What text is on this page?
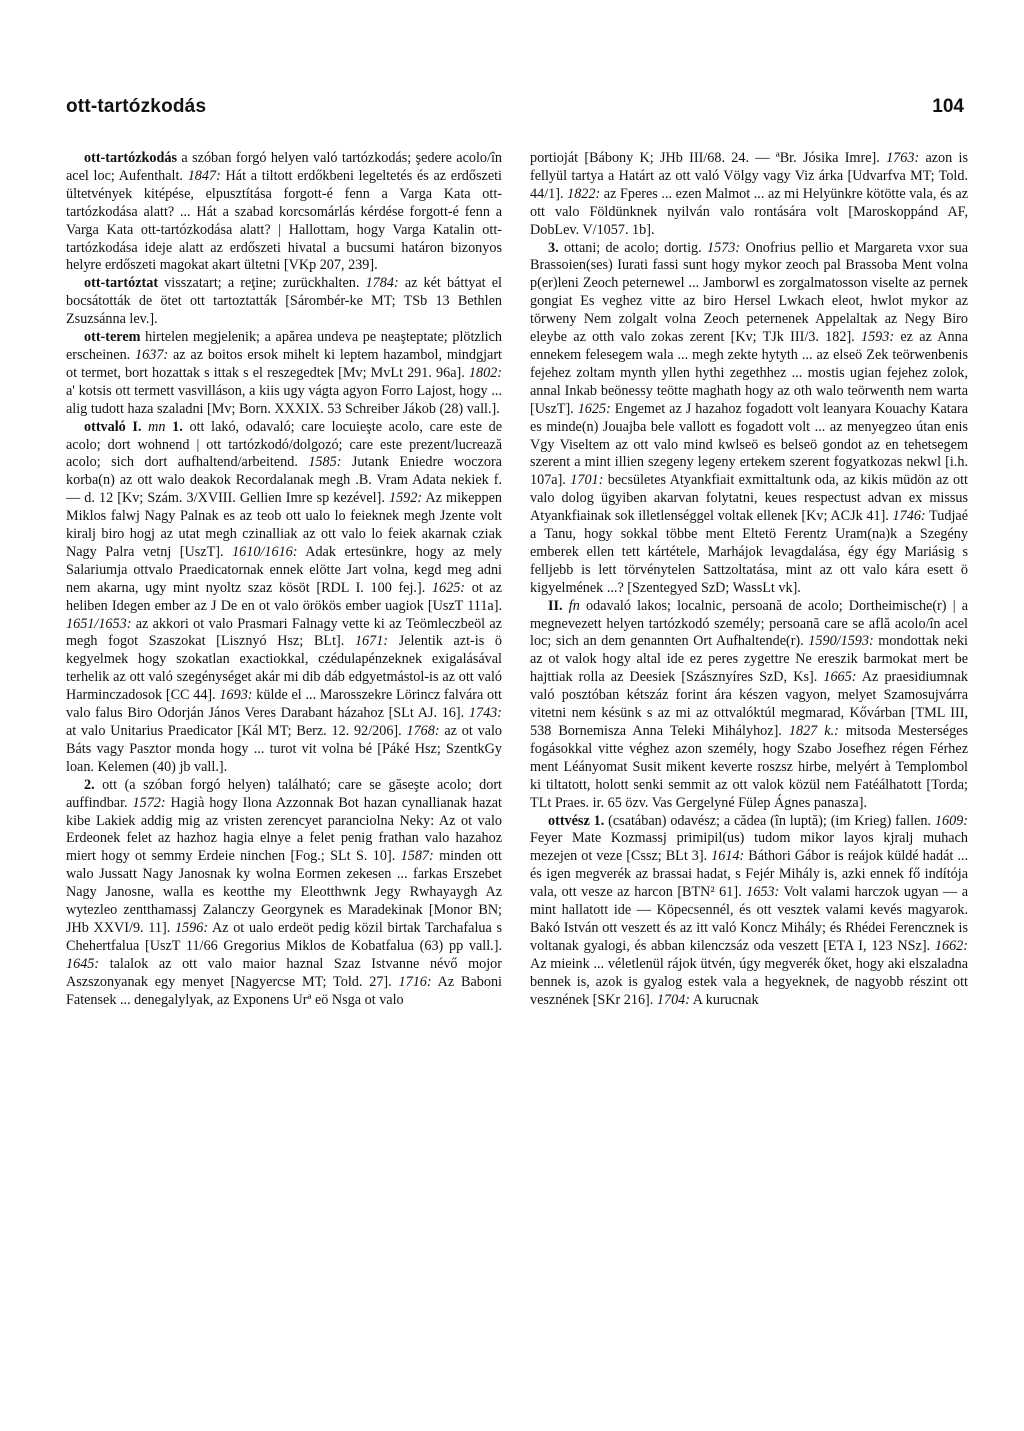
ott-tartózkodás	104

ott-tartózkodás a szóban forgó helyen való tartózkodás; şedere acolo/în acel loc; Aufenthalt. 1847: Hát a tiltott erdőkbeni legeltetés és az erdőszeti ültetvények kitépése, elpusztítása forgott-é fenn a Varga Kata ott-tartózkodása alatt? ... Hát a szabad korcsomárlás kérdése forgott-é fenn a Varga Kata ott-tartózkodása alatt? | Hallottam, hogy Varga Katalin ott-tartózkodása ideje alatt az erdőszeti hivatal a bucsumi határon bizonyos helyre erdőszeti magokat akart ültetni [VKp 207, 239].

ott-tartóztat visszatart; a reţine; zurückhalten. 1784: az két báttyat el bocsátották de ötet ott tartoztatták [Sárombér-ke MT; TSb 13 Bethlen Zsuzsánna lev.].

ott-terem hirtelen megjelenik; a apărea undeva pe neaşteptate; plötzlich erscheinen. 1637: az az boitos ersok mihelt ki leptem hazambol, mindgjart ot termet, bort hozattak s ittak s el reszegedtek [Mv; MvLt 291. 96a]. 1802: a' kotsis ott termett vasvilláson, a kiis ugy vágta agyon Forro Lajost, hogy ... alig tudott haza szaladni [Mv; Born. XXXIX. 53 Schreiber Jákob (28) vall.].

ottvaló I. mn 1. ott lakó, odavaló; care locuieşte acolo, care este de acolo; dort wohnend | ott tartózkodó/dolgozó; care este prezent/lucrează acolo; sich dort aufhaltend/arbeitend. 1585: Jutank Eniedre woczora korba(n) az ott walo deakok Recordalanak megh .B. Vram Adata nekiek f. — d. 12 [Kv; Szám. 3/XVIII. Gellien Imre sp kezével]. 1592: Az mikeppen Miklos falwj Nagy Palnak es az teob ott ualo lo feieknek megh Jzente volt kiralj biro hogj az utat megh czinalliak az ott valo lo feiek akarnak cziak Nagy Palra vetnj [UszT]. 1610/1616: Adak ertesünkre, hogy az mely Salariumja ottvalo Praedicatornak ennek elötte Jart volna, kegd meg adni nem akarna, ugy mint nyoltz szaz kösöt [RDL I. 100 fej.]. 1625: ot az heliben Idegen ember az J De en ot valo örökös ember uagiok [UszT 111a]. 1651/1653: az akkori ot valo Prasmari Falnagy vette ki az Teömleczbeöl az megh fogot Szaszokat [Lisznyó Hsz; BLt]. 1671: Jelentik azt-is ö kegyelmek hogy szokatlan exactiokkal, czédulapénzeknek exigalásával terhelik az ott való szegénységet akár mi dib dáb edgyetmástol-is az ott való Harminczadosok [CC 44]. 1693: külde el ... Marosszekre Lörincz falvára ott valo falus Biro Odorján János Veres Darabant házahoz [SLt AJ. 16]. 1743: at valo Unitarius Praedicator [Kál MT; Berz. 12. 92/206]. 1768: az ot valo Báts vagy Pasztor monda hogy ... turot vit volna bé [Páké Hsz; SzentkGy loan. Kelemen (40) jb vall.].

2. ott (a szóban forgó helyen) található; care se găseşte acolo; dort auffindbar. 1572: Hagià hogy Ilona Azzonnak Bot hazan cynallianak hazat kibe Lakiek addig mig az vristen zerencyet paranciolna Neky: Az ot valo Erdeonek felet az hazhoz hagia elnye a felet penig frathan valo hazahoz miert hogy ot semmy Erdeie ninchen [Fog.; SLt S. 10]. 1587: minden ott walo Jussatt Nagy Janosnak ky wolna Eormen zekesen ... farkas Erszebet Nagy Janosne, walla es keotthe my Eleotthwnk Jegy Rwhayaygh Az wytezleo zentthamassj Zalanczy Georgynek es Maradekinak [Monor BN; JHb XXVI/9. 11]. 1596: Az ot ualo erdeöt pedig közil birtak Tarchafalua s Chehertfalua [UszT 11/66 Gregorius Miklos de Kobatfalua (63) pp vall.]. 1645: talalok az ott valo maior haznal Szaz Istvanne névő mojor Aszszonyanak egy menyet [Nagyercse MT; Told. 27]. 1716: Az Baboni Fatensek ... denegalylyak, az Exponens Urª eö Nsga ot valo

portioját [Bábony K; JHb III/68. 24. — ªBr. Jósika Imre]. 1763: azon is fellyül tartya a Határt az ott való Völgy vagy Viz árka [Udvarfva MT; Told. 44/1]. 1822: az Fperes ... ezen Malmot ... az mi Helyünkre kötötte vala, és az ott valo Földünknek nyilván valo rontására volt [Maroskoppánd AF, DobLev. V/1057. 1b].

3. ottani; de acolo; dortig. 1573: Onofrius pellio et Margareta vxor sua Brassoien(ses) Iurati fassi sunt hogy mykor zeoch pal Brassoba Ment volna p(er)leni Zeoch peternewel ... Jamborwl es zorgalmatosson viselte az pernek gongiat Es veghez vitte az biro Hersel Lwkach eleot, hwlot mykor az törweny Nem zolgalt volna Zeoch peternenek Appelaltak az Negy Biro eleybe az otth valo zokas zerent [Kv; TJk III/3. 182]. 1593: ez az Anna ennekem felesegem wala ... megh zekte hytyth ... az elseö Zek teörwenbenis fejehez zoltam mynth yllen hythi zegethhez ... mostis ugian fejehez zolok, annal Inkab beönessy teötte maghath hogy az oth walo teörwenth nem warta [UszT]. 1625: Engemet az J hazahoz fogadott volt leanyara Kouachy Katara es minde(n) Jouajba bele vallott es fogadott volt ... az menyegzeo útan enis Vgy Viseltem az ott valo mind kwlseö es belseö gondot az en tehetsegem szerent a mint illien szegeny legeny ertekem szerent fogyatkozas nekwl [i.h. 107a]. 1701: becsületes Atyankfiait exmittaltunk oda, az kikis müdön az ott valo dolog ügyiben akarvan folytatni, keues respectust advan ex missus Atyankfiainak sok illetlenséggel voltak ellenek [Kv; ACJk 41]. 1746: Tudjaé a Tanu, hogy sokkal többe ment Eltetö Ferentz Uram(na)k a Szegény emberek ellen tett kártétele, Marhájok levagdalása, égy égy Mariásig s felljebb is lett törvénytelen Sattzoltatása, mint az ott valo kára esett ö kigyelmének ...? [Szentegyed SzD; WassLt vk].

II. fn odavaló lakos; localnic, persoană de acolo; Dortheimische(r) | a megnevezett helyen tartózkodó személy; persoană care se află acolo/în acel loc; sich an dem genannten Ort Aufhaltende(r). 1590/1593: mondottak neki az ot valok hogy altal ide ez peres zygettre Ne ereszik barmokat mert be hajttiak rolla az Deesiek [Szásznyíres SzD, Ks]. 1665: Az praesidiumnak való posztóban kétszáz forint ára készen vagyon, melyet Szamosujvárra vitetni nem késünk s az mi az ottvalóktúl megmarad, Kővárban [TML III, 538 Bornemisza Anna Teleki Mihályhoz]. 1827 k.: mitsoda Mesterséges fogásokkal vitte véghez azon személy, hogy Szabo Josefhez régen Férhez ment Léányomat Susit mikent keverte roszsz hirbe, melyért à Templombol ki tiltatott, holott senki semmit az ott valok közül nem Fatéálhatott [Torda; TLt Praes. ir. 65 özv. Vas Gergelyné Fülep Ágnes panasza].

ottvész 1. (csatában) odavész; a cădea (în luptă); (im Krieg) fallen. 1609: Feyer Mate Kozmassj primipil(us) tudom mikor layos kjralj muhach mezejen ot veze [Cssz; BLt 3]. 1614: Báthori Gábor is reájok küldé hadát ... és igen megverék az brassai hadat, s Fejér Mihály is, azki ennek fő indítója vala, ott vesze az harcon [BTN² 61]. 1653: Volt valami harczok ugyan — a mint hallatott ide — Köpecsennél, és ott vesztek valami kevés magyarok. Bakó István ott veszett és az itt való Koncz Mihály; és Rhédei Ferencznek is voltanak gyalogi, és abban kilenczsáz oda veszett [ETA I, 123 NSz]. 1662: Az mieink ... véletlenül rájok ütvén, úgy megverék őket, hogy aki elszaladna bennek is, azok is gyalog estek vala a hegyeknek, de nagyobb részint ott vesznének [SKr 216]. 1704: A kurucnak
